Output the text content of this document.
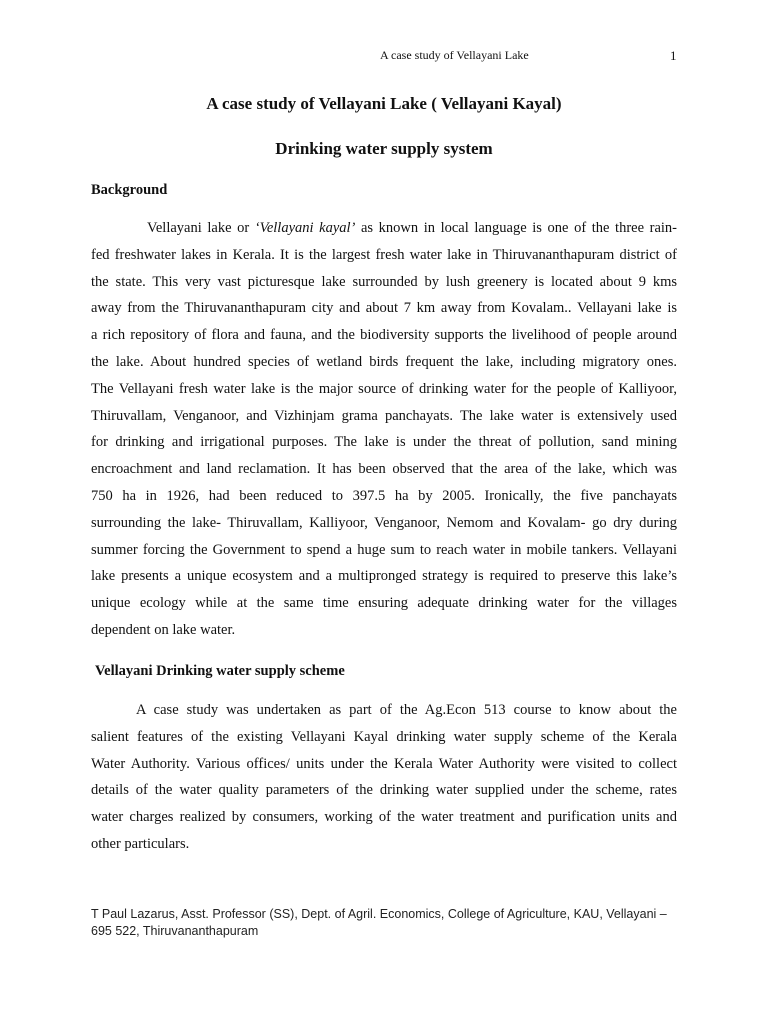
A case study of Vellayani Lake	1
A case study of Vellayani Lake ( Vellayani Kayal)
Drinking water supply system
Background
Vellayani lake or ‘Vellayani kayal’ as known in local language is one of the three rain-
fed freshwater lakes in Kerala. It is the largest fresh water lake in Thiruvananthapuram district of
the state. This very vast picturesque lake surrounded by lush greenery is located about 9 kms
away from the Thiruvananthapuram city and about 7 km away from Kovalam.. Vellayani lake is
a rich repository of flora and fauna, and the biodiversity supports the livelihood of people around
the lake. About hundred species of wetland birds frequent the lake, including migratory ones.
The Vellayani fresh water lake is the major source of drinking water for the people of Kalliyoor,
Thiruvallam, Venganoor, and Vizhinjam grama panchayats. The lake water is extensively used
for drinking and irrigational purposes. The lake is under the threat of pollution, sand mining
encroachment and land reclamation. It has been observed that the area of the lake, which was
750 ha in 1926, had been reduced to 397.5 ha by 2005. Ironically, the five panchayats
surrounding the lake- Thiruvallam, Kalliyoor, Venganoor, Nemom and Kovalam- go dry during
summer forcing the Government to spend a huge sum to reach water in mobile tankers. Vellayani
lake presents a unique ecosystem and a multipronged strategy is required to preserve this lake’s
unique ecology while at the same time ensuring adequate drinking water for the villages
dependent on lake water.
Vellayani Drinking water supply scheme
A case study was undertaken as part of the Ag.Econ 513 course to know about the
salient features of the existing Vellayani Kayal drinking water supply scheme of the Kerala
Water Authority. Various offices/ units under the Kerala Water Authority were visited to collect
details of the water quality parameters of the drinking water supplied under the scheme, rates
water charges realized by consumers, working of the water treatment and purification units and
other particulars.
T Paul Lazarus, Asst. Professor (SS), Dept. of Agril. Economics, College of Agriculture, KAU, Vellayani –
695 522, Thiruvananthapuram
